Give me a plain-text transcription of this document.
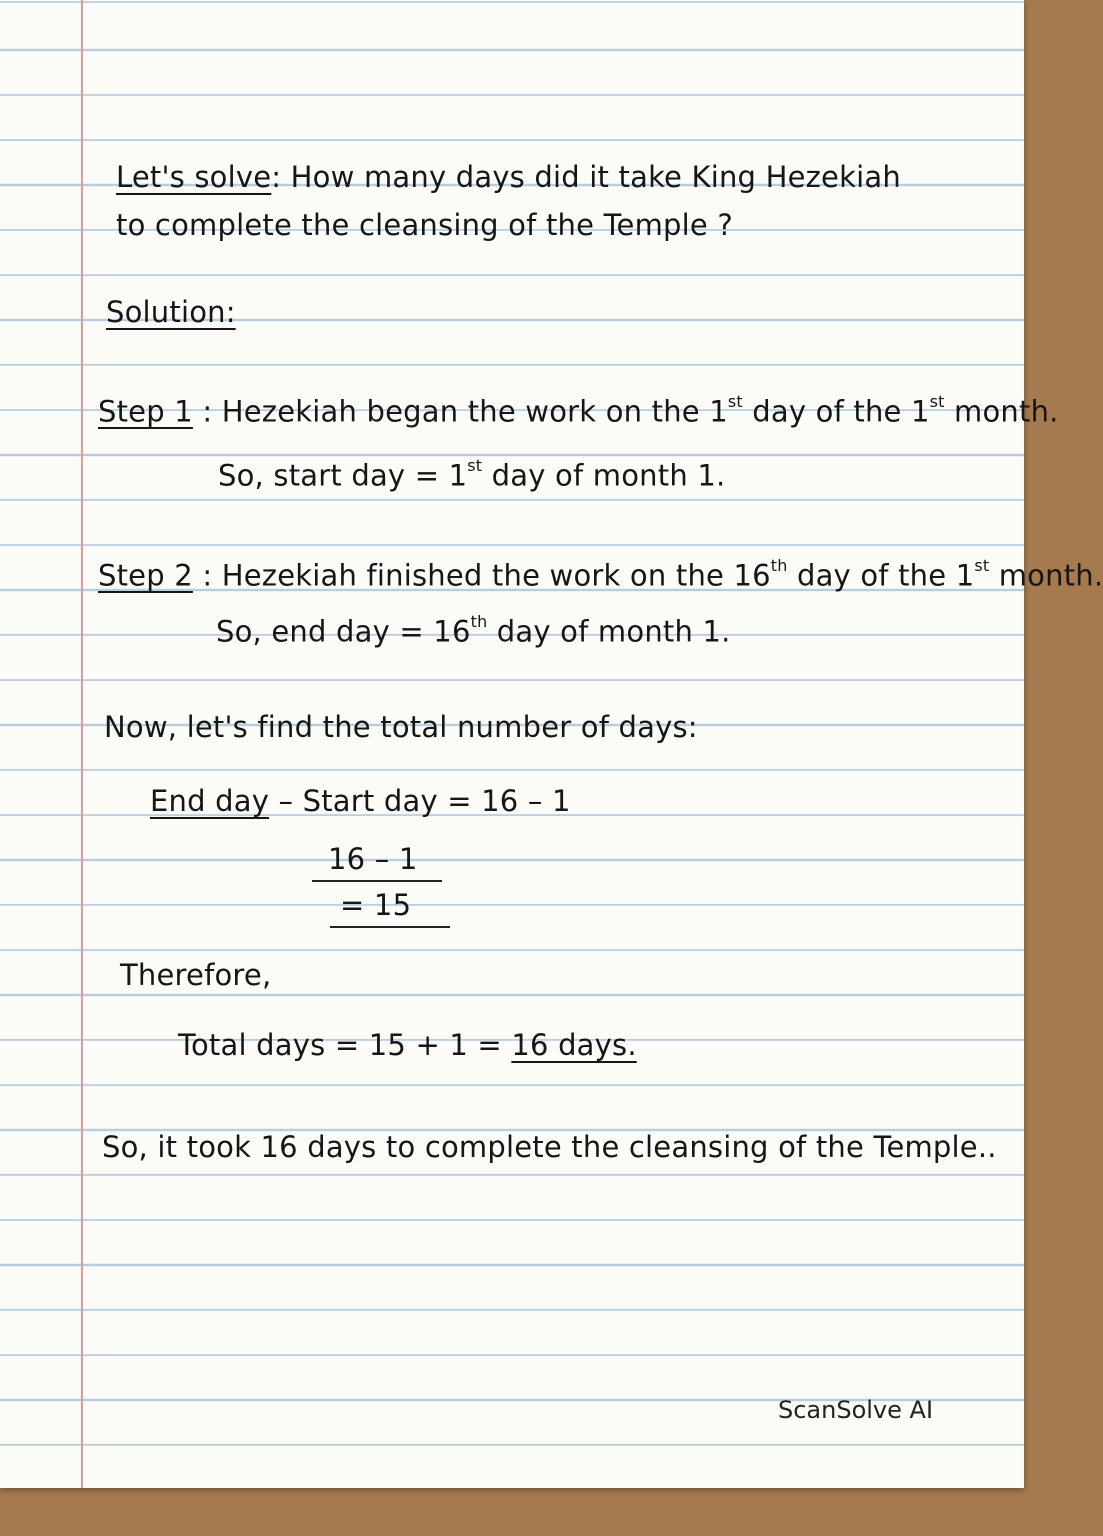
Let's solve: How many days did it take King Hezekiah
to complete the cleansing of the Temple ?
Solution:
Step 1 : Hezekiah began the work on the 1st day of the 1st month.
So, start day = 1st day of month 1.
Step 2 : Hezekiah finished the work on the 16th day of the 1st month.
So, end day = 16th day of month 1.
Now, let's find the total number of days:
End day – Start day = 16 – 1
16 – 1
= 15
Therefore,
Total days = 15 + 1 = 16 days.
So, it took 16 days to complete the cleansing of the Temple..
ScanSolve AI
